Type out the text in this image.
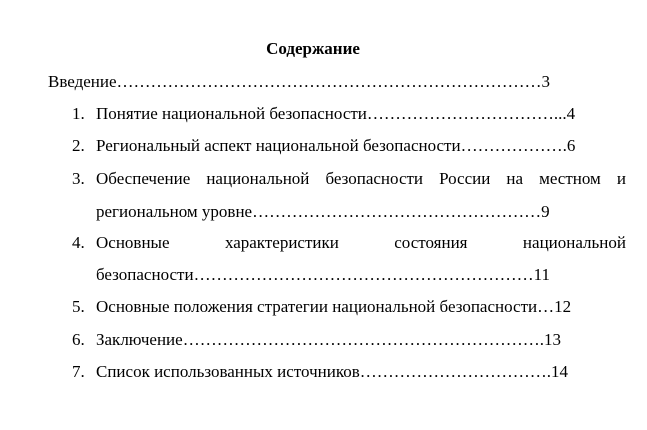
Содержание
Введение…………………………………………………………………3
1. Понятие национальной безопасности……………………………...4
2. Региональный аспект национальной безопасности……………….6
3. Обеспечение национальной безопасности России на местном и
региональном уровне……………………………………………9
4. Основные	характеристики	состояния	национальной
безопасности……………………………………………………11
5. Основные положения стратегии национальной безопасности…12
6. Заключение……………………………………………………….13
7. Список использованных источников…………………………….14
